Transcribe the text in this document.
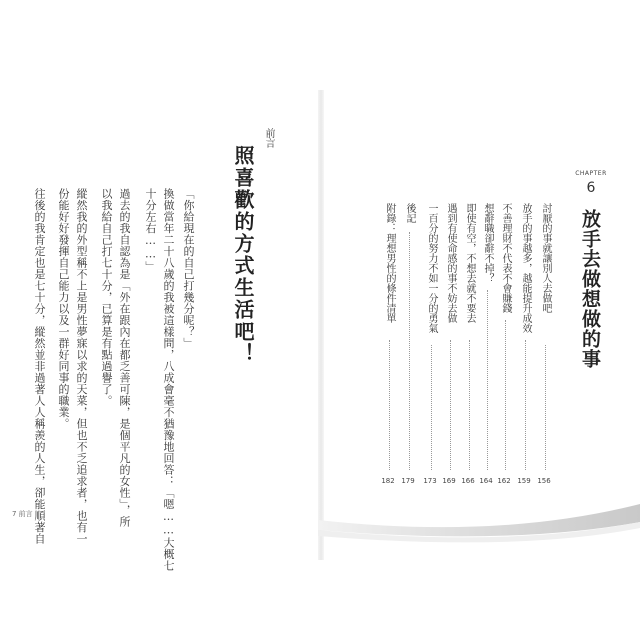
前言
照喜歡的方式生活吧！
「你給現在的自己打幾分呢？」
換做當年二十八歲的我被這樣問，八成會毫不猶豫地回答：「嗯……大概七
十分左右……」
過去的我自認為是「外在跟內在都乏善可陳，是個平凡的女性」，所
以我給自己打七十分，已算是有點過譽了。
縱然我的外型稱不上是男性夢寐以求的天菜，但也不乏追求者，也有一
份能好好發揮自己能力以及一群好同事的職業。
往後的我肯定也是七十分，縱然並非過著人人稱羨的人生，卻能順著自
7 前言
CHAPTER
6
放手去做想做的事
討厭的事就讓別人去做吧
放手的事越多，越能提升成效
不善理財不代表不會賺錢
想辭職卻辭不掉？
即使有空，不想去就不要去
遇到有使命感的事不妨去做
一百分的努力不如一分的勇氣
後記
附錄：理想男性的條件清單
156
159
162
164
166
169
173
179
182
